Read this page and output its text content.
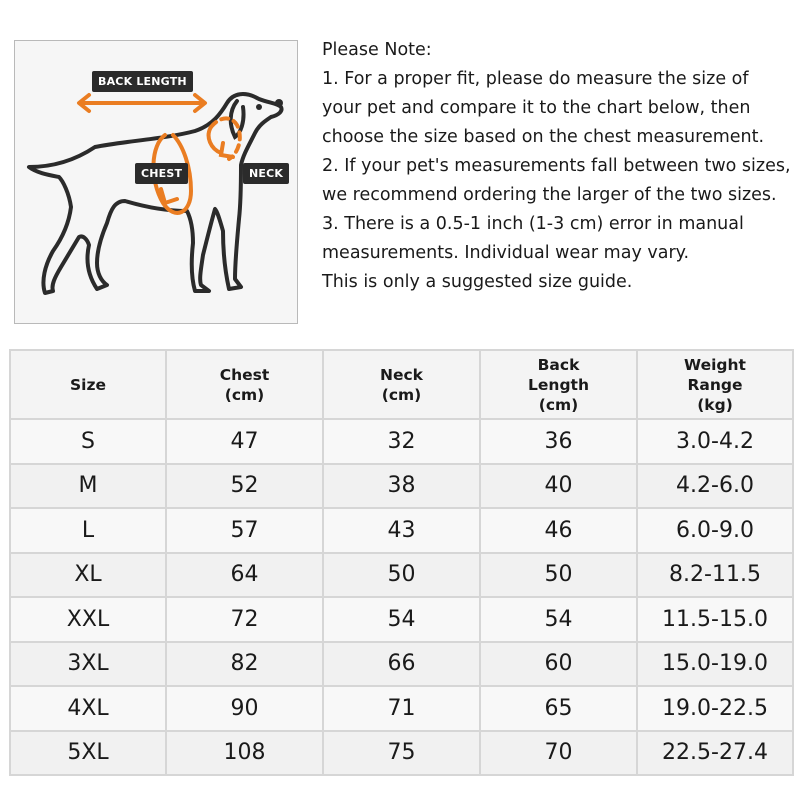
BACK LENGTH
CHEST	NECK
Please Note:
1. For a proper fit, please do measure the size of your pet and compare it to the chart below, then choose the size based on the chest measurement.
2. If your pet's measurements fall between two sizes, we recommend ordering the larger of the two sizes.
3. There is a 0.5-1 inch (1-3 cm) error in manual measurements. Individual wear may vary.
This is only a suggested size guide.
Size	Chest (cm)	Neck (cm)	Back Length (cm)	Weight Range (kg)
S	47	32	36	3.0-4.2
M	52	38	40	4.2-6.0
L	57	43	46	6.0-9.0
XL	64	50	50	8.2-11.5
XXL	72	54	54	11.5-15.0
3XL	82	66	60	15.0-19.0
4XL	90	71	65	19.0-22.5
5XL	108	75	70	22.5-27.4
